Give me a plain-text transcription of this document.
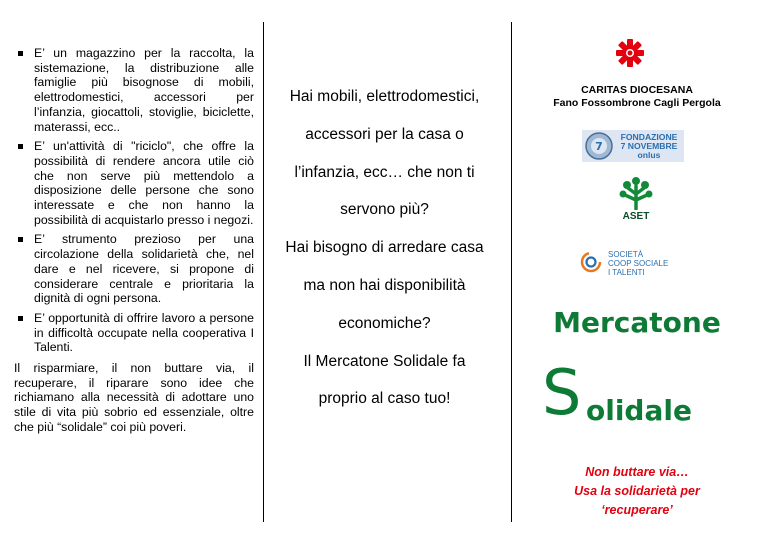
E’ un magazzino per la raccolta, la sistemazione, la distribuzione alle famiglie più bisognose di mobili, elettrodomestici, accessori per l’infanzia, giocattoli, stoviglie, biciclette, materassi, ecc..
E’ un'attività di "riciclo", che offre la possibilità di rendere ancora utile ciò che non serve più mettendolo a disposizione delle persone che sono interessate e che non hanno la possibilità di acquistarlo presso i negozi.
E’ strumento prezioso per una circolazione della solidarietà che, nel dare e nel ricevere, si propone di considerare centrale e prioritaria la dignità di ogni persona.
E’ opportunità di offrire lavoro a persone in difficoltà occupate nella cooperativa I Talenti.

Il risparmiare, il non buttare via, il recuperare, il riparare sono idee che richiamano alla necessità di adottare uno stile di vita più sobrio ed essenziale, oltre che più “solidale” coi più poveri.

Hai mobili, elettrodomestici,
accessori per la casa o
l’infanzia, ecc… che non ti
servono più?
Hai bisogno di arredare casa
ma non hai disponibilità
economiche?
Il Mercatone Solidale fa
proprio al caso tuo!
CARITAS DIOCESANA
Fano Fossombrone Cagli Pergola
7
FONDAZIONE
7 NOVEMBRE
onlus
ASET
SOCIETÀ
COOP SOCIALE
I TALENTI
Mercatone
S olidale
Non buttare via…
Usa la solidarietà per
‘recuperare’
